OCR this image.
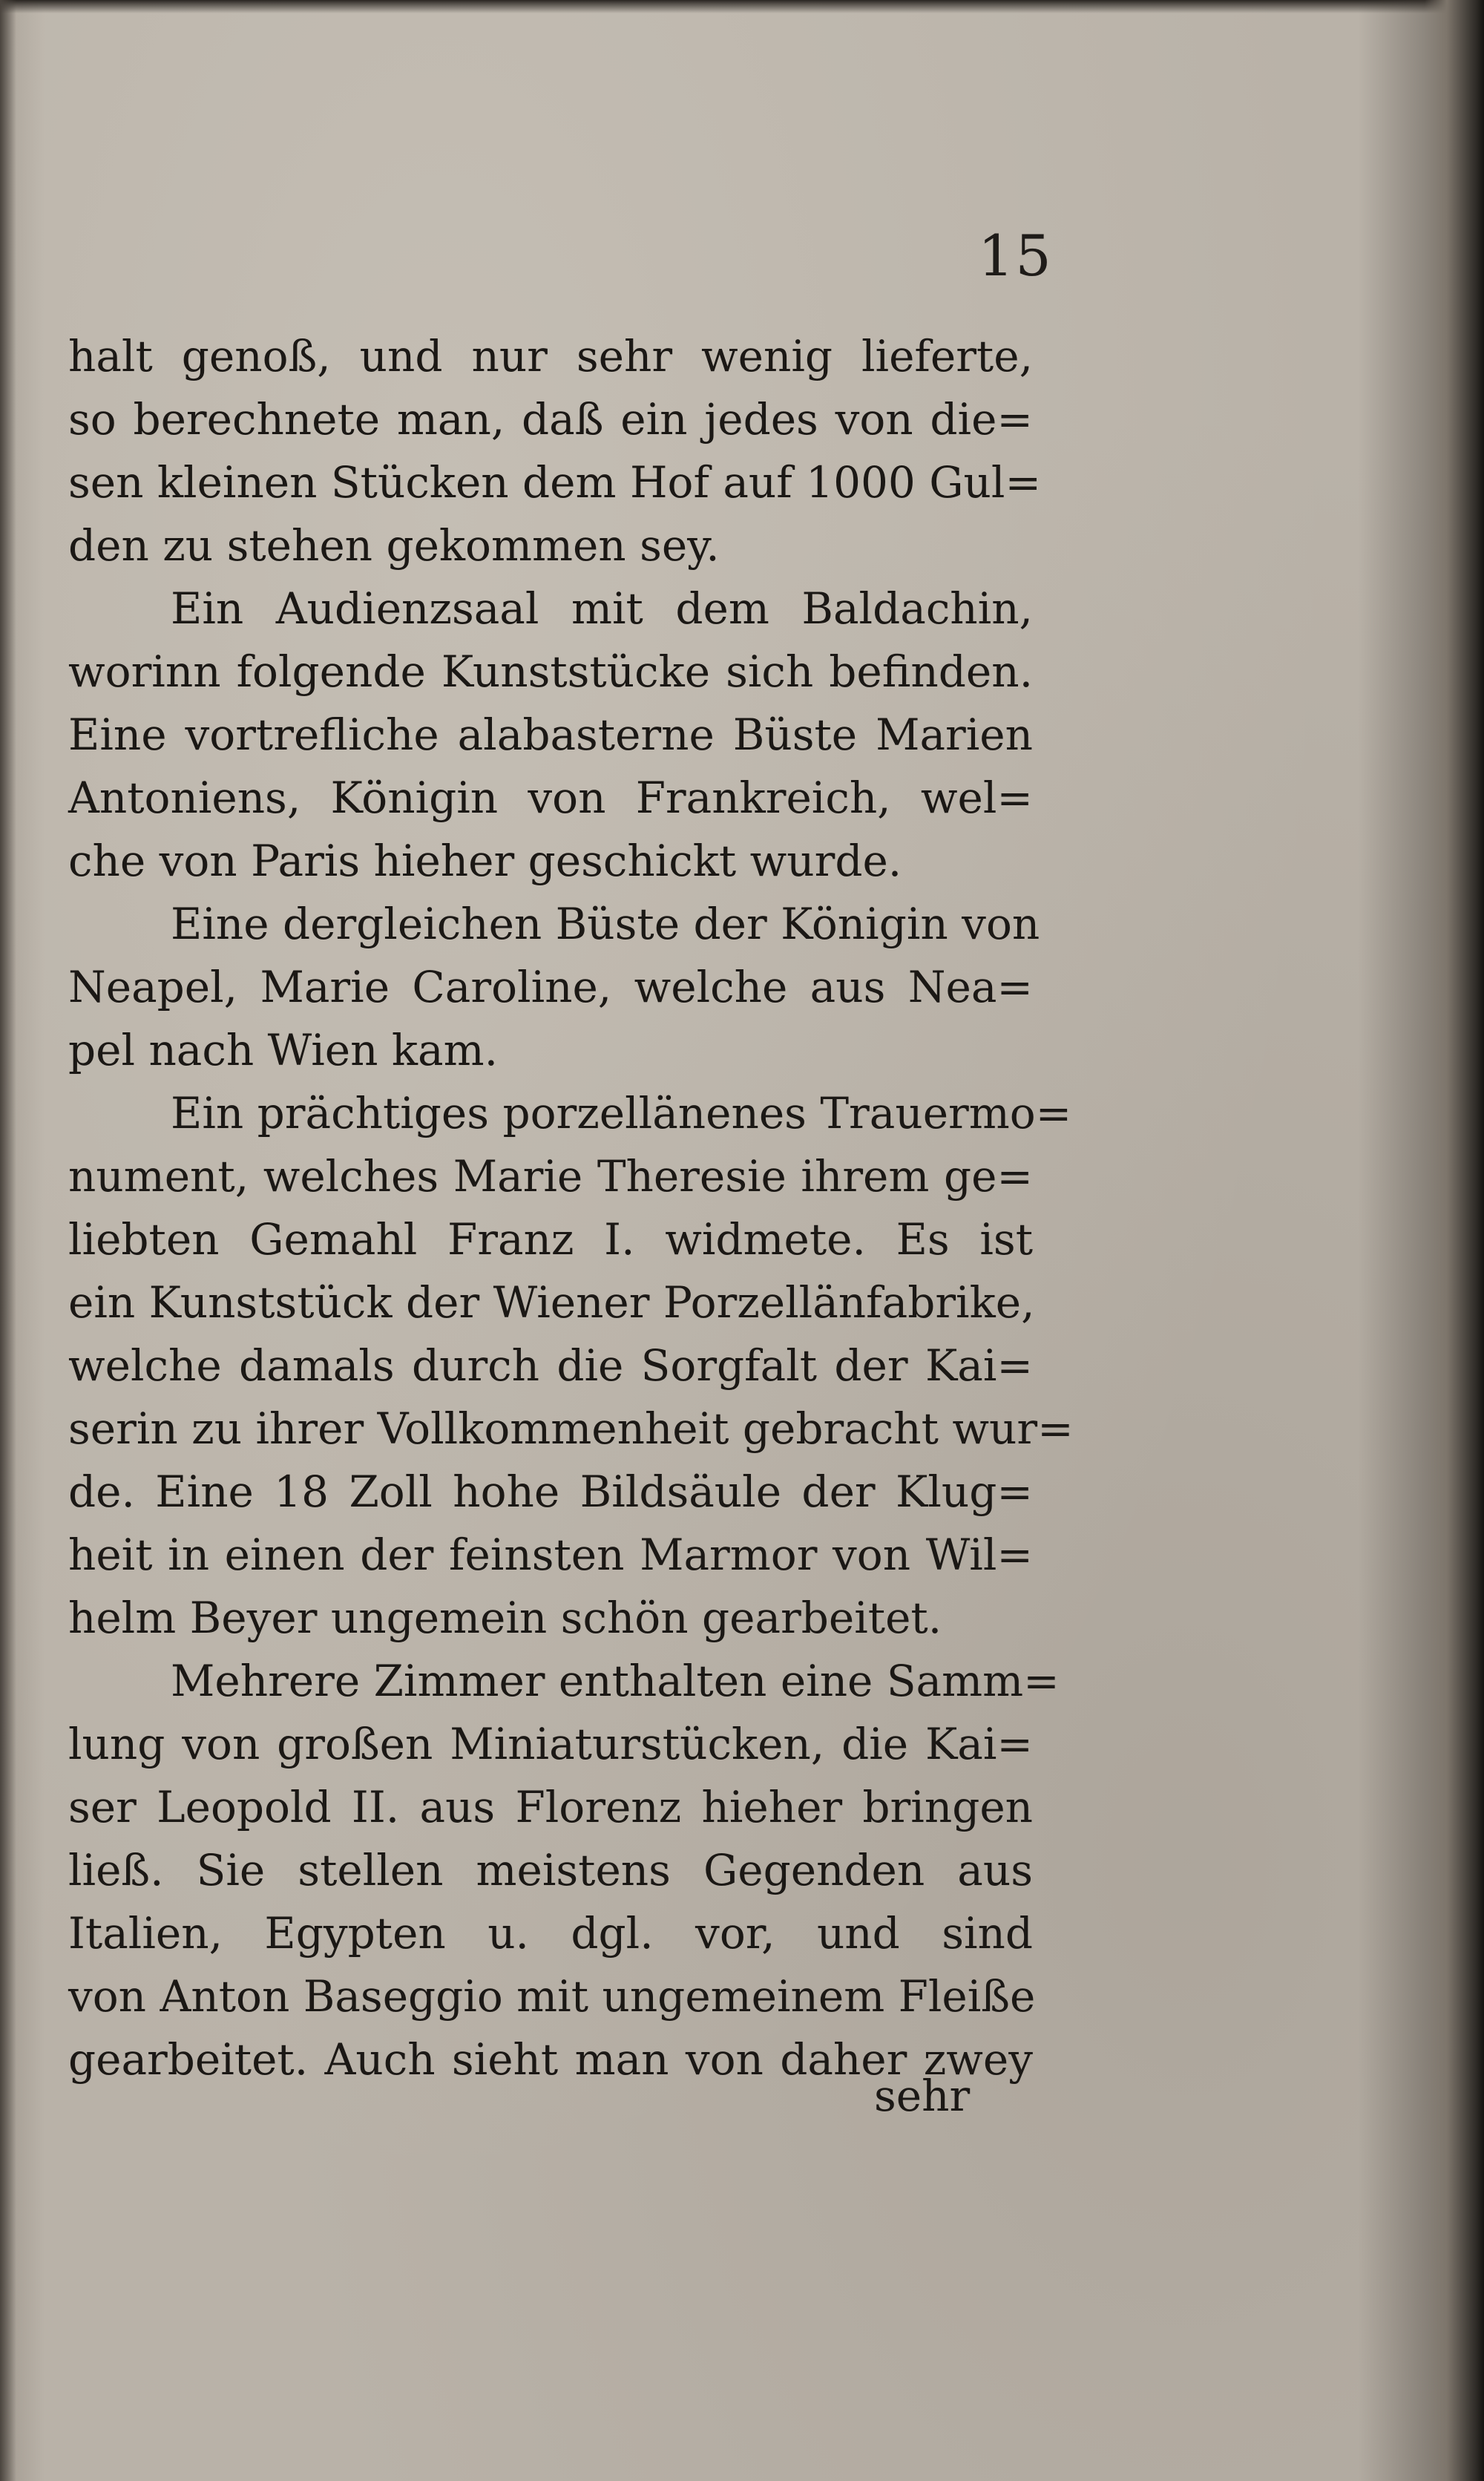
15
halt genoß, und nur sehr wenig lieferte,
so berechnete man, daß ein jedes von die=
sen kleinen Stücken dem Hof auf 1000 Gul=
den zu stehen gekommen sey.
Ein Audienzsaal mit dem Baldachin,
worinn folgende Kunststücke sich befinden.
Eine vortrefliche alabasterne Büste Marien
Antoniens, Königin von Frankreich, wel=
che von Paris hieher geschickt wurde.
Eine dergleichen Büste der Königin von
Neapel, Marie Caroline, welche aus Nea=
pel nach Wien kam.
Ein prächtiges porzellänenes Trauermo=
nument, welches Marie Theresie ihrem ge=
liebten Gemahl Franz I. widmete. Es ist
ein Kunststück der Wiener Porzellänfabrike,
welche damals durch die Sorgfalt der Kai=
serin zu ihrer Vollkommenheit gebracht wur=
de. Eine 18 Zoll hohe Bildsäule der Klug=
heit in einen der feinsten Marmor von Wil=
helm Beyer ungemein schön gearbeitet.
Mehrere Zimmer enthalten eine Samm=
lung von großen Miniaturstücken, die Kai=
ser Leopold II. aus Florenz hieher bringen
ließ. Sie stellen meistens Gegenden aus
Italien, Egypten u. dgl. vor, und sind
von Anton Baseggio mit ungemeinem Fleiße
gearbeitet. Auch sieht man von daher zwey
sehr
